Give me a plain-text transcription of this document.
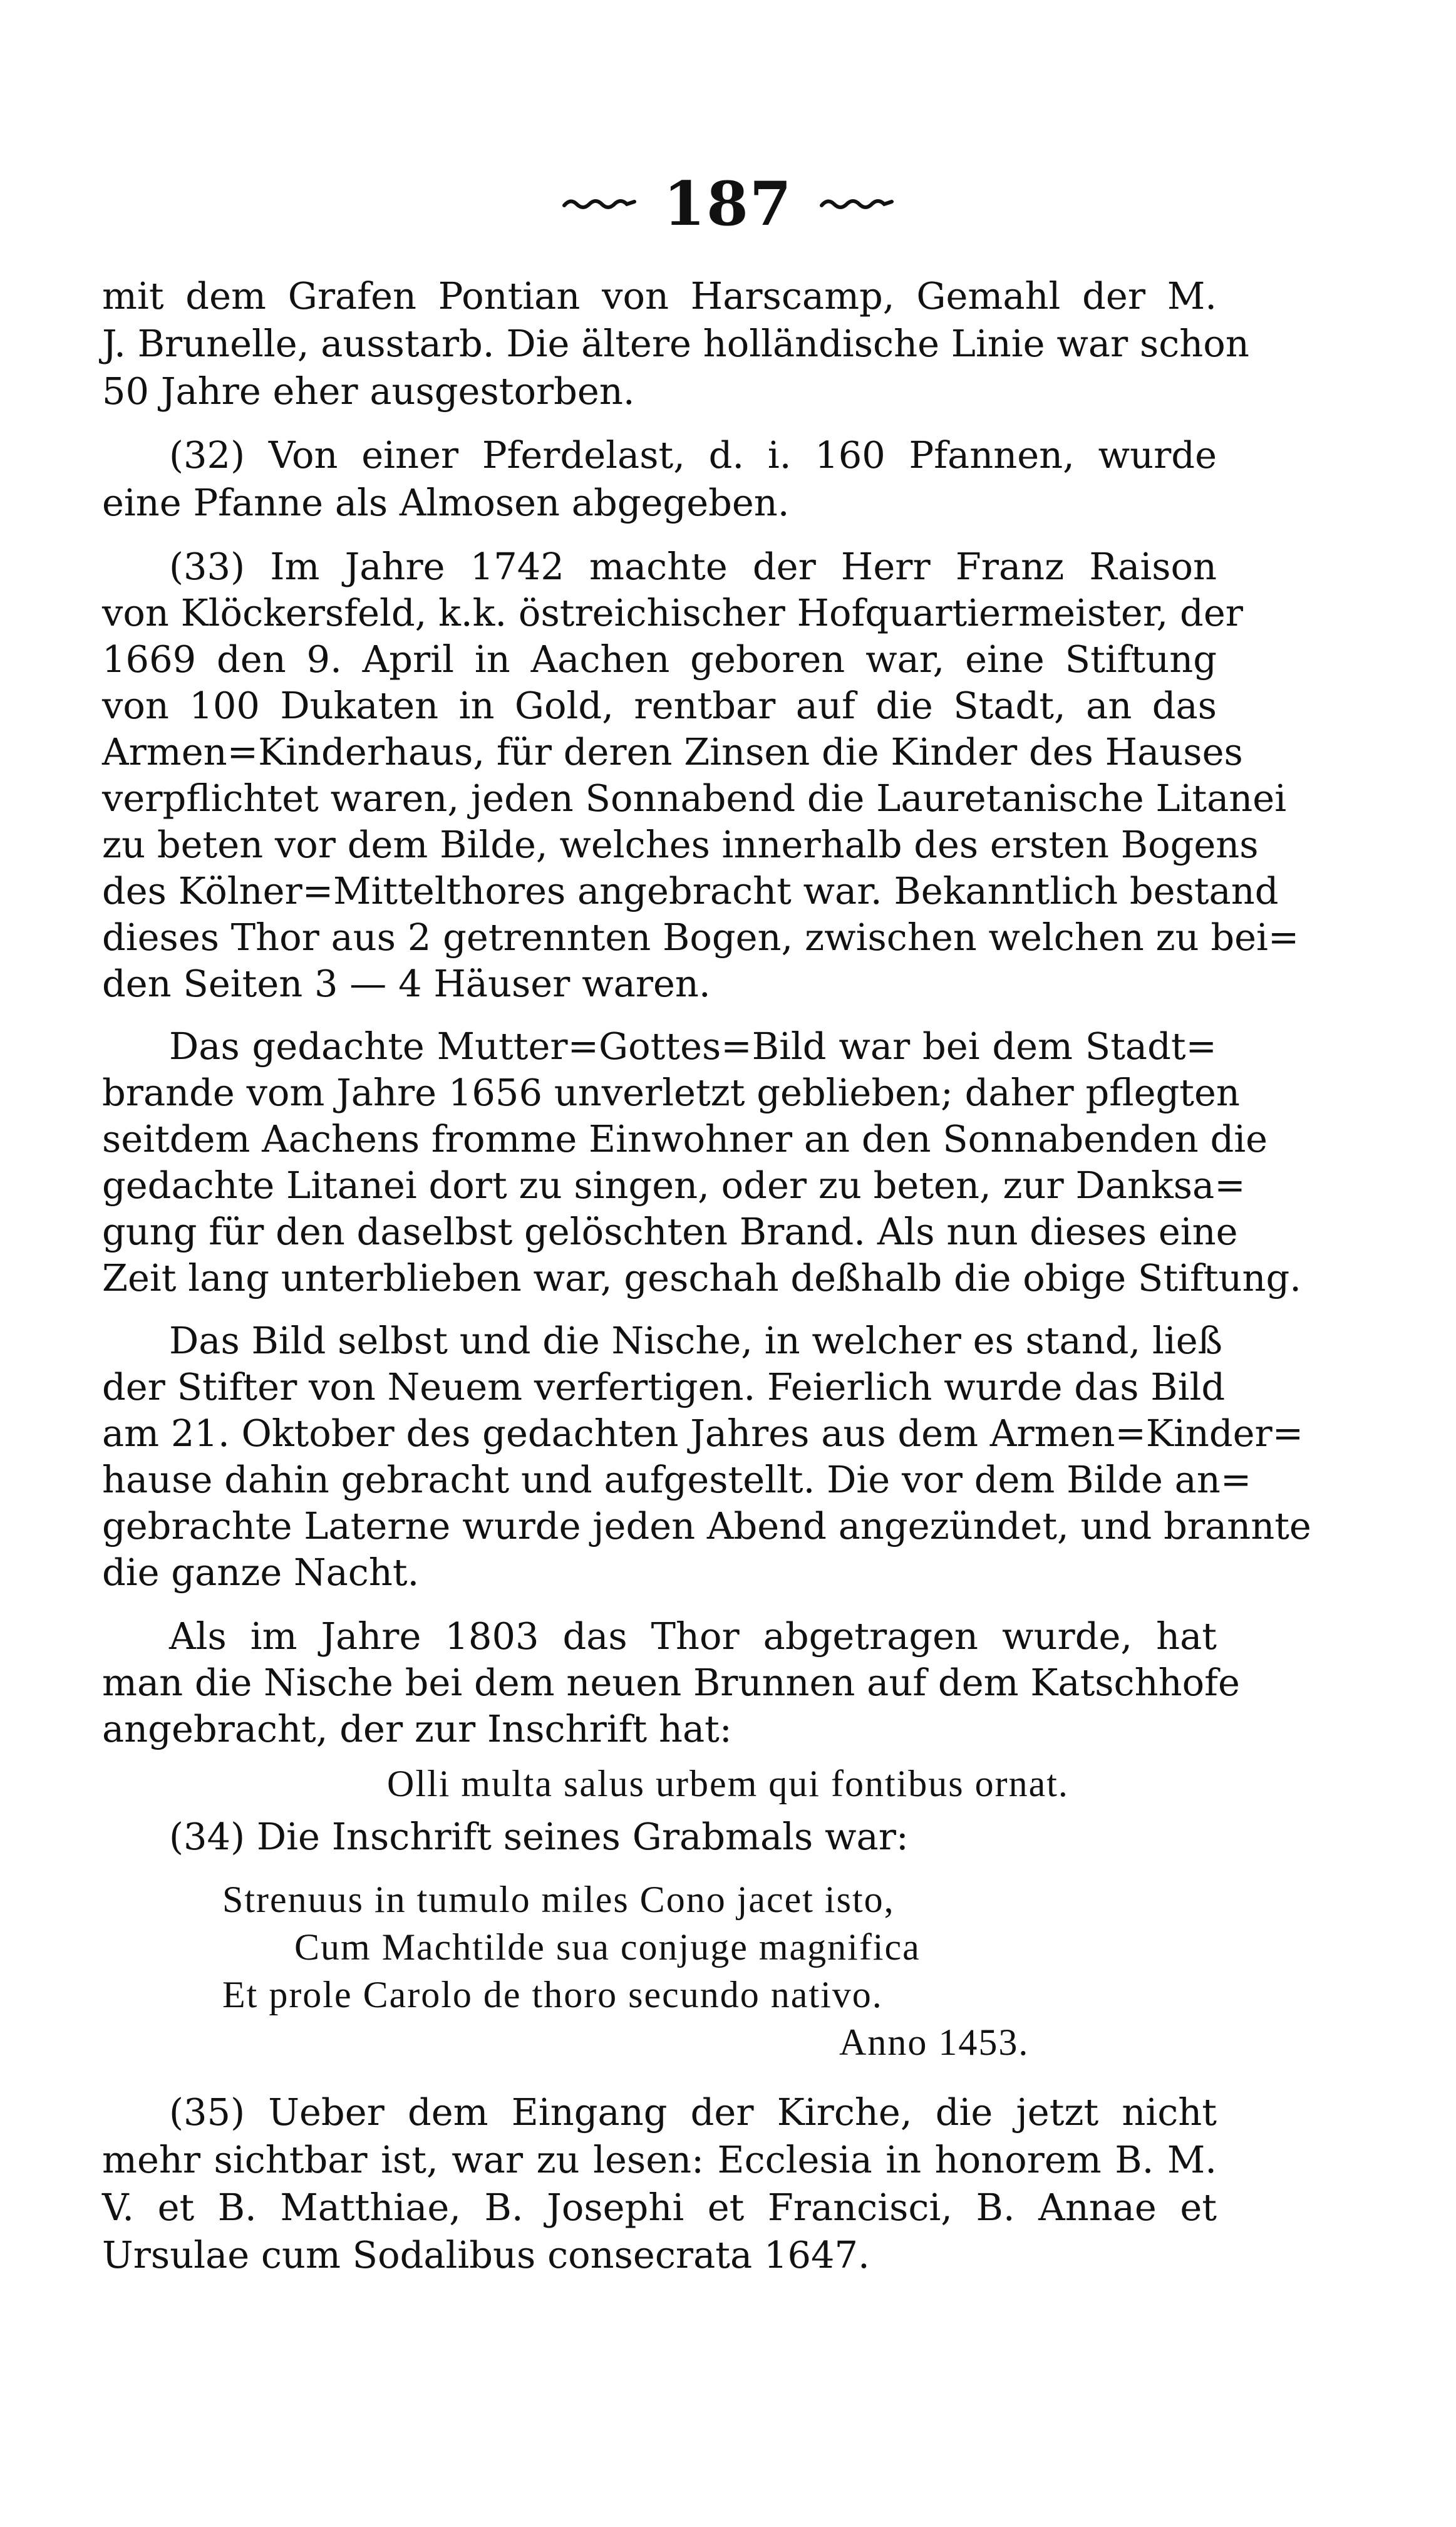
187
mit dem Grafen Pontian von Harscamp, Gemahl der M.
J. Brunelle, ausstarb. Die ältere holländische Linie war schon
50 Jahre eher ausgestorben.
(32) Von einer Pferdelast, d. i. 160 Pfannen, wurde
eine Pfanne als Almosen abgegeben.
(33) Im Jahre 1742 machte der Herr Franz Raison
von Klöckersfeld, k.k. östreichischer Hofquartiermeister, der
1669 den 9. April in Aachen geboren war, eine Stiftung
von 100 Dukaten in Gold, rentbar auf die Stadt, an das
Armen=Kinderhaus, für deren Zinsen die Kinder des Hauses
verpflichtet waren, jeden Sonnabend die Lauretanische Litanei
zu beten vor dem Bilde, welches innerhalb des ersten Bogens
des Kölner=Mittelthores angebracht war. Bekanntlich bestand
dieses Thor aus 2 getrennten Bogen, zwischen welchen zu bei=
den Seiten 3 — 4 Häuser waren.
Das gedachte Mutter=Gottes=Bild war bei dem Stadt=
brande vom Jahre 1656 unverletzt geblieben; daher pflegten
seitdem Aachens fromme Einwohner an den Sonnabenden die
gedachte Litanei dort zu singen, oder zu beten, zur Danksa=
gung für den daselbst gelöschten Brand. Als nun dieses eine
Zeit lang unterblieben war, geschah deßhalb die obige Stiftung.
Das Bild selbst und die Nische, in welcher es stand, ließ
der Stifter von Neuem verfertigen. Feierlich wurde das Bild
am 21. Oktober des gedachten Jahres aus dem Armen=Kinder=
hause dahin gebracht und aufgestellt. Die vor dem Bilde an=
gebrachte Laterne wurde jeden Abend angezündet, und brannte
die ganze Nacht.
Als im Jahre 1803 das Thor abgetragen wurde, hat
man die Nische bei dem neuen Brunnen auf dem Katschhofe
angebracht, der zur Inschrift hat:
Olli multa salus urbem qui fontibus ornat.
(34) Die Inschrift seines Grabmals war:
Strenuus in tumulo miles Cono jacet isto,
Cum Machtilde sua conjuge magnifica
Et prole Carolo de thoro secundo nativo.
Anno 1453.
(35) Ueber dem Eingang der Kirche, die jetzt nicht
mehr sichtbar ist, war zu lesen: Ecclesia in honorem B. M.
V. et B. Matthiae, B. Josephi et Francisci, B. Annae et
Ursulae cum Sodalibus consecrata 1647.
